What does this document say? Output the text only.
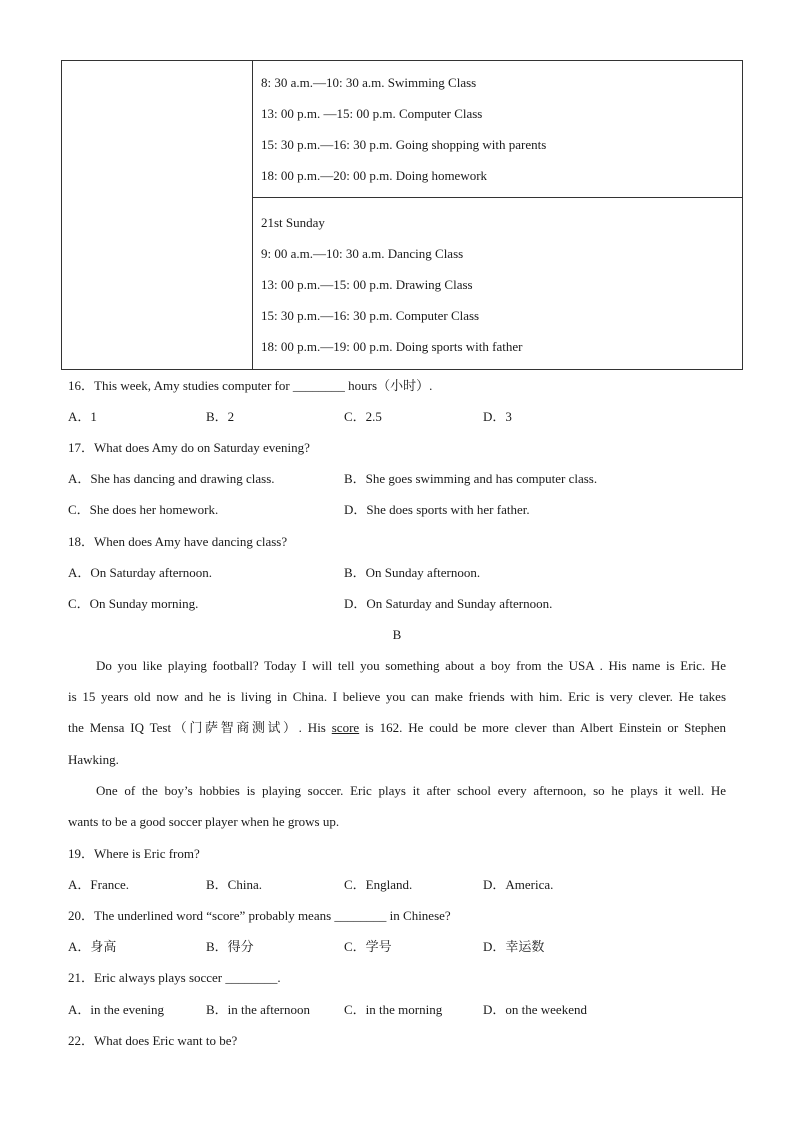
8: 30 a.m.—10: 30 a.m. Swimming Class
13: 00 p.m. —15: 00 p.m. Computer Class
15: 30 p.m.—16: 30 p.m. Going shopping with parents
18: 00 p.m.—20: 00 p.m. Doing homework

21st Sunday
9: 00 a.m.—10: 30 a.m. Dancing Class
13: 00 p.m.—15: 00 p.m. Drawing Class
15: 30 p.m.—16: 30 p.m. Computer Class
18: 00 p.m.—19: 00 p.m. Doing sports with father
16．This week, Amy studies computer for ________ hours（小时）.
A．1	B．2	C．2.5	D．3
17．What does Amy do on Saturday evening?
A．She has dancing and drawing class.	B．She goes swimming and has computer class.
C．She does her homework.	D．She does sports with her father.
18．When does Amy have dancing class?
A．On Saturday afternoon.	B．On Sunday afternoon.
C．On Sunday morning.	D．On Saturday and Sunday afternoon.
B
Do you like playing football? Today I will tell you something about a boy from the USA . His name is Eric. He
is 15 years old now and he is living in China. I believe you can make friends with him. Eric is very clever. He takes
the Mensa IQ Test（门萨智商测试）. His score is 162. He could be more clever than Albert Einstein or Stephen
Hawking.
One of the boy’s hobbies is playing soccer. Eric plays it after school every afternoon, so he plays it well. He
wants to be a good soccer player when he grows up.
19．Where is Eric from?
A．France.	B．China.	C．England.	D．America.
20．The underlined word “score” probably means ________ in Chinese?
A．身高	B．得分	C．学号	D．幸运数
21．Eric always plays soccer ________.
A．in the evening	B．in the afternoon	C．in the morning	D．on the weekend
22．What does Eric want to be?
